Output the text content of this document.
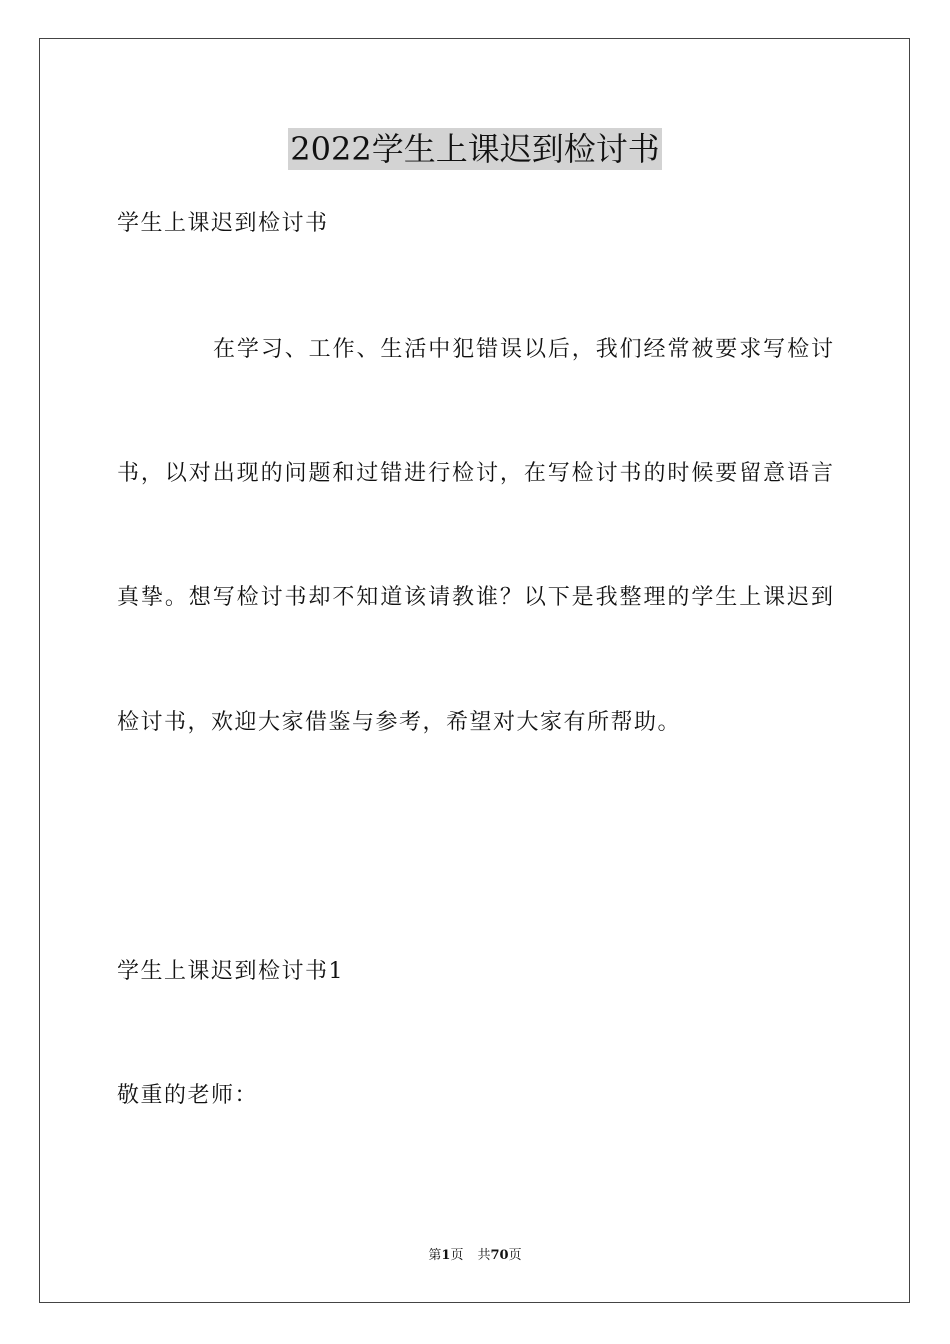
2022学生上课迟到检讨书
学生上课迟到检讨书
在学习、工作、生活中犯错误以后，我们经常被要求写检讨
书，以对出现的问题和过错进行检讨，在写检讨书的时候要留意语言
真挚。想写检讨书却不知道该请教谁？以下是我整理的学生上课迟到
检讨书，欢迎大家借鉴与参考，希望对大家有所帮助。
学生上课迟到检讨书1
敬重的老师：
第1页 共70页
